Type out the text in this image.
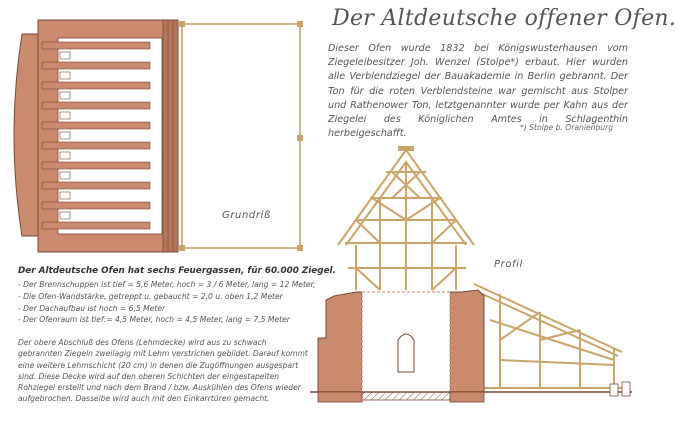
Der Altdeutsche offener Ofen.
Dieser Ofen wurde 1832 bei Königswusterhausen vom Ziegeleibesitzer Joh. Wenzel (Stolpe*) erbaut. Hier wurden alle Verblendziegel der Bauakademie in Berlin gebrannt. Der Ton für die roten Verblendsteine war gemischt aus Stolper und Rathenower Ton, letztgenannter wurde per Kahn aus der Ziegelei des Königlichen Amtes in Schlagenthin herbeigeschafft.
*) Stolpe b. Oranienburg
Grundriß
Profil
Der Altdeutsche Ofen hat sechs Feuergassen, für 60.000 Ziegel.
- Der Brennschuppen ist tief = 5,6 Meter, hoch = 3 / 6 Meter, lang = 12 Meter,
- Die Ofen-Wandstärke, getreppt u. gebaucht = 2,0 u. oben 1,2 Meter
- Der Dachaufbau ist hoch = 6,5 Meter
- Der Ofenraum ist tief:= 4,5 Meter, hoch = 4,5 Meter, lang = 7,5 Meter
Der obere Abschluß des Ofens (Lehmdecke) wird aus zu schwach gebrannten Ziegeln zweilagig mit Lehm verstrichen gebildet. Darauf kommt eine weitere Lehmschicht (20 cm) in denen die Zugöffnungen ausgespart sind. Diese Decke wird auf den oberen Schichten der eingestapelten Rohziegel erstellt und nach dem Brand / bzw. Auskühlen des Ofens wieder aufgebrochen. Dasselbe wird auch mit den Einkarrtüren gemacht.
